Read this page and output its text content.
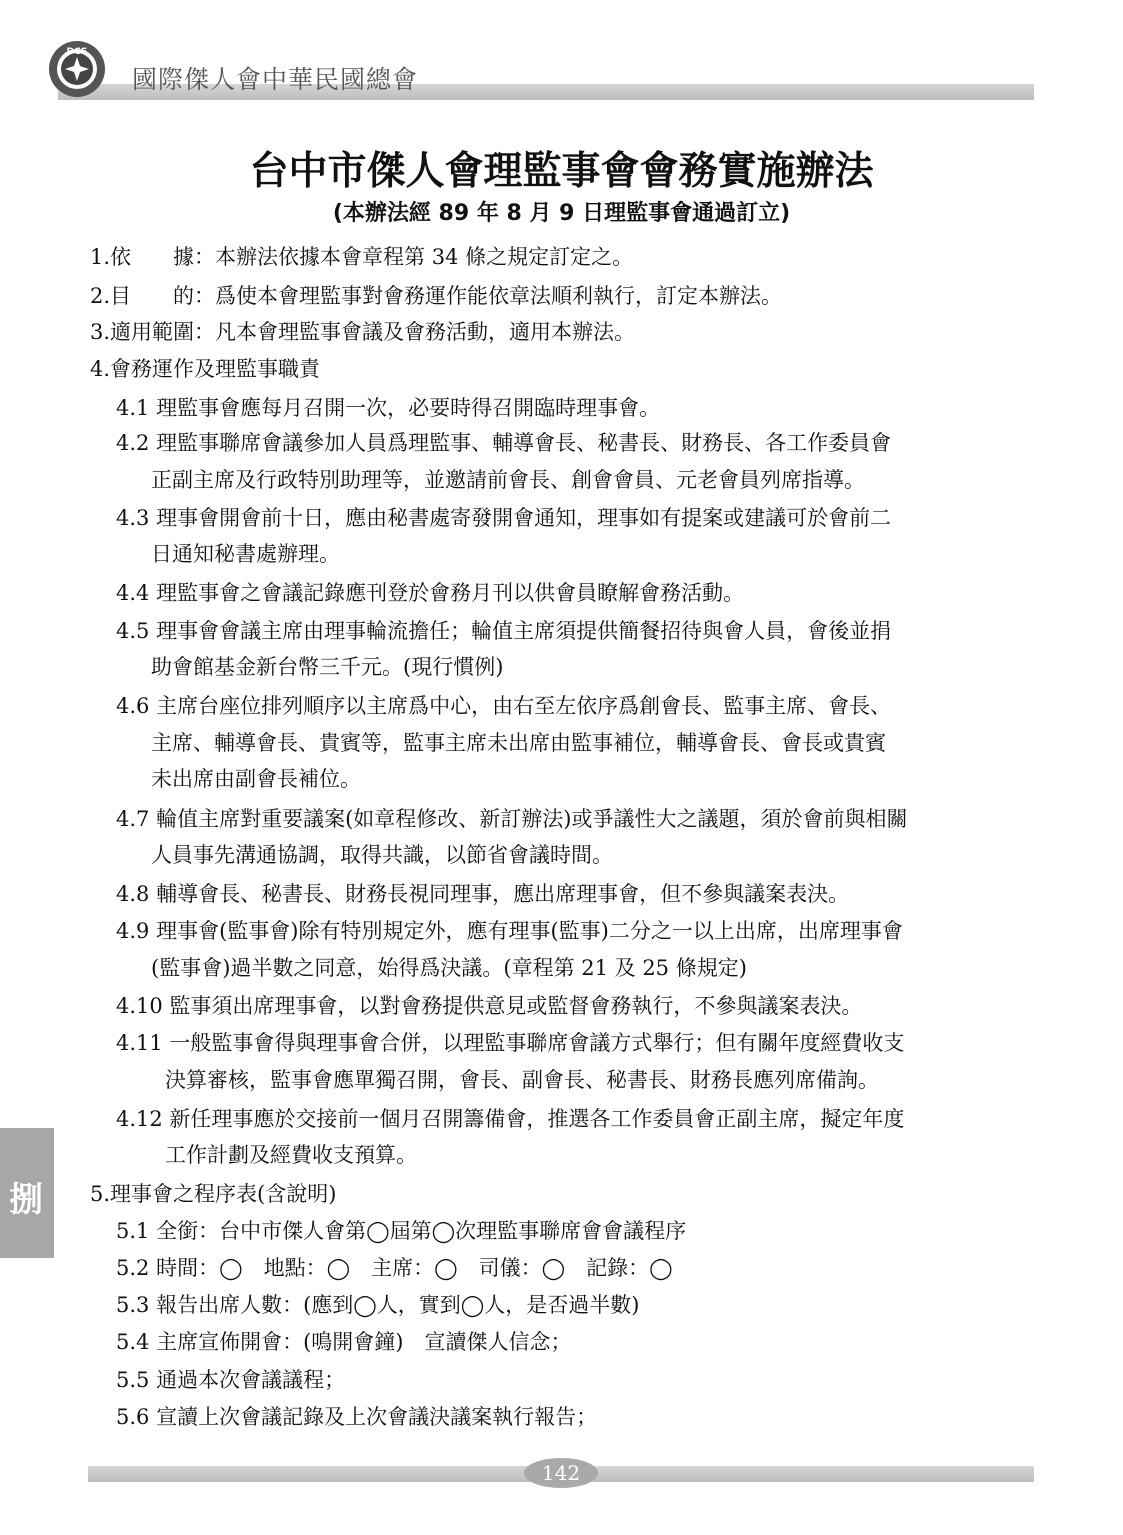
DCS
國際傑人會中華民國總會
台中市傑人會理監事會會務實施辦法
(本辦法經 89 年 8 月 9 日理監事會通過訂立)
1.依　　據：本辦法依據本會章程第 34 條之規定訂定之。
2.目　　的：爲使本會理監事對會務運作能依章法順利執行，訂定本辦法。
3.適用範圍：凡本會理監事會議及會務活動，適用本辦法。
4.會務運作及理監事職責
4.1 理監事會應每月召開一次，必要時得召開臨時理事會。
4.2 理監事聯席會議參加人員爲理監事、輔導會長、秘書長、財務長、各工作委員會
正副主席及行政特別助理等，並邀請前會長、創會會員、元老會員列席指導。
4.3 理事會開會前十日，應由秘書處寄發開會通知，理事如有提案或建議可於會前二
日通知秘書處辦理。
4.4 理監事會之會議記錄應刊登於會務月刊以供會員瞭解會務活動。
4.5 理事會會議主席由理事輪流擔任；輪值主席須提供簡餐招待與會人員，會後並捐
助會館基金新台幣三千元。(現行慣例)
4.6 主席台座位排列順序以主席爲中心，由右至左依序爲創會長、監事主席、會長、
主席、輔導會長、貴賓等，監事主席未出席由監事補位，輔導會長、會長或貴賓
未出席由副會長補位。
4.7 輪值主席對重要議案(如章程修改、新訂辦法)或爭議性大之議題，須於會前與相關
人員事先溝通協調，取得共識，以節省會議時間。
4.8 輔導會長、秘書長、財務長視同理事，應出席理事會，但不參與議案表決。
4.9 理事會(監事會)除有特別規定外，應有理事(監事)二分之一以上出席，出席理事會
(監事會)過半數之同意，始得爲決議。(章程第 21 及 25 條規定)
4.10 監事須出席理事會，以對會務提供意見或監督會務執行，不參與議案表決。
4.11 一般監事會得與理事會合併，以理監事聯席會議方式舉行；但有關年度經費收支
決算審核，監事會應單獨召開，會長、副會長、秘書長、財務長應列席備詢。
4.12 新任理事應於交接前一個月召開籌備會，推選各工作委員會正副主席，擬定年度
工作計劃及經費收支預算。
5.理事會之程序表(含說明)
5.1 全銜：台中市傑人會第◯屆第◯次理監事聯席會會議程序
5.2 時間：◯　地點：◯　主席：◯　司儀：◯　記錄：◯
5.3 報告出席人數：(應到◯人，實到◯人，是否過半數)
5.4 主席宣佈開會：(鳴開會鐘)　宣讀傑人信念；
5.5 通過本次會議議程；
5.6 宣讀上次會議記錄及上次會議決議案執行報告；
捌
142
